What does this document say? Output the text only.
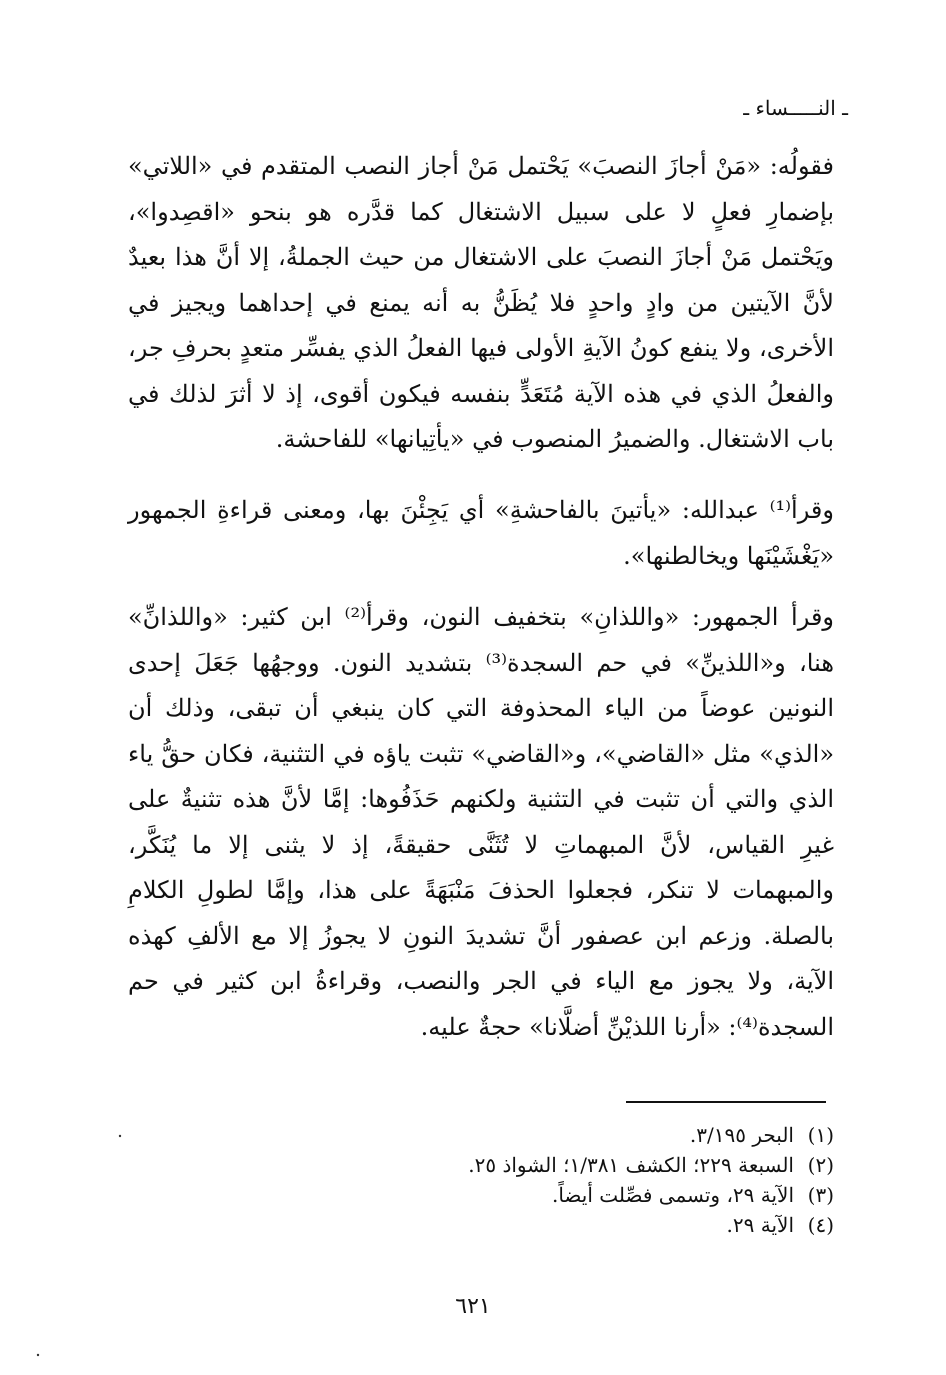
ـ النـــــساء ـ

فقولُه: «مَنْ أجازَ النصبَ» يَحْتمل مَنْ أجاز النصب المتقدم في «اللاتي» بإضمارِ فعلٍ لا على سبيل الاشتغال كما قدَّره هو بنحو «اقصِدوا»، ويَحْتمل مَنْ أجازَ النصبَ على الاشتغال من حيث الجملةُ، إلا أنَّ هذا بعيدٌ لأنَّ الآيتين من وادٍ واحدٍ فلا يُظَنُّ به أنه يمنع في إحداهما ويجيز في الأخرى، ولا ينفع كونُ الآيةِ الأولى فيها الفعلُ الذي يفسِّر متعدٍ بحرفِ جر، والفعلُ الذي في هذه الآية مُتَعَدٍّ بنفسه فيكون أقوى، إذ لا أثرَ لذلك في باب الاشتغال. والضميرُ المنصوب في «يأتِيانها» للفاحشة.

وقرأ⁽¹⁾ عبدالله: «يأتينَ بالفاحشةِ» أي يَجِئْنَ بها، ومعنى قراءةِ الجمهور «يَغْشَيْنَها ويخالطنها».

وقرأ الجمهور: «واللذانِ» بتخفيف النون، وقرأ⁽²⁾ ابن كثير: «واللذانِّ» هنا، و«اللذينِّ» في حم السجدة⁽³⁾ بتشديد النون. ووجهُها جَعَلَ إحدى النونين عوضاً من الياء المحذوفة التي كان ينبغي أن تبقى، وذلك أن «الذي» مثل «القاضي»، و«القاضي» تثبت ياؤه في التثنية، فكان حقُّ ياء الذي والتي أن تثبت في التثنية ولكنهم حَذَفُوها: إمَّا لأنَّ هذه تثنيةٌ على غيرِ القياس، لأنَّ المبهماتِ لا تُثَنَّى حقيقةً، إذ لا يثنى إلا ما يُنَكَّر، والمبهمات لا تنكر، فجعلوا الحذفَ مَنْبَهَةً على هذا، وإمَّا لطولِ الكلامِ بالصلة. وزعم ابن عصفور أنَّ تشديدَ النونِ لا يجوزُ إلا مع الألفِ كهذه الآية، ولا يجوز مع الياء في الجر والنصب، وقراءةُ ابن كثير في حم السجدة⁽⁴⁾: «أرنا اللذيْنِّ أضلَّانا» حجةٌ عليه.

(١)
البحر ٣/١٩٥.
(٢)
السبعة ٢٢٩؛ الكشف ١/٣٨١؛ الشواذ ٢٥.
(٣)
الآية ٢٩، وتسمى فصِّلت أيضاً.
(٤)
الآية ٢٩.
٦٢١
